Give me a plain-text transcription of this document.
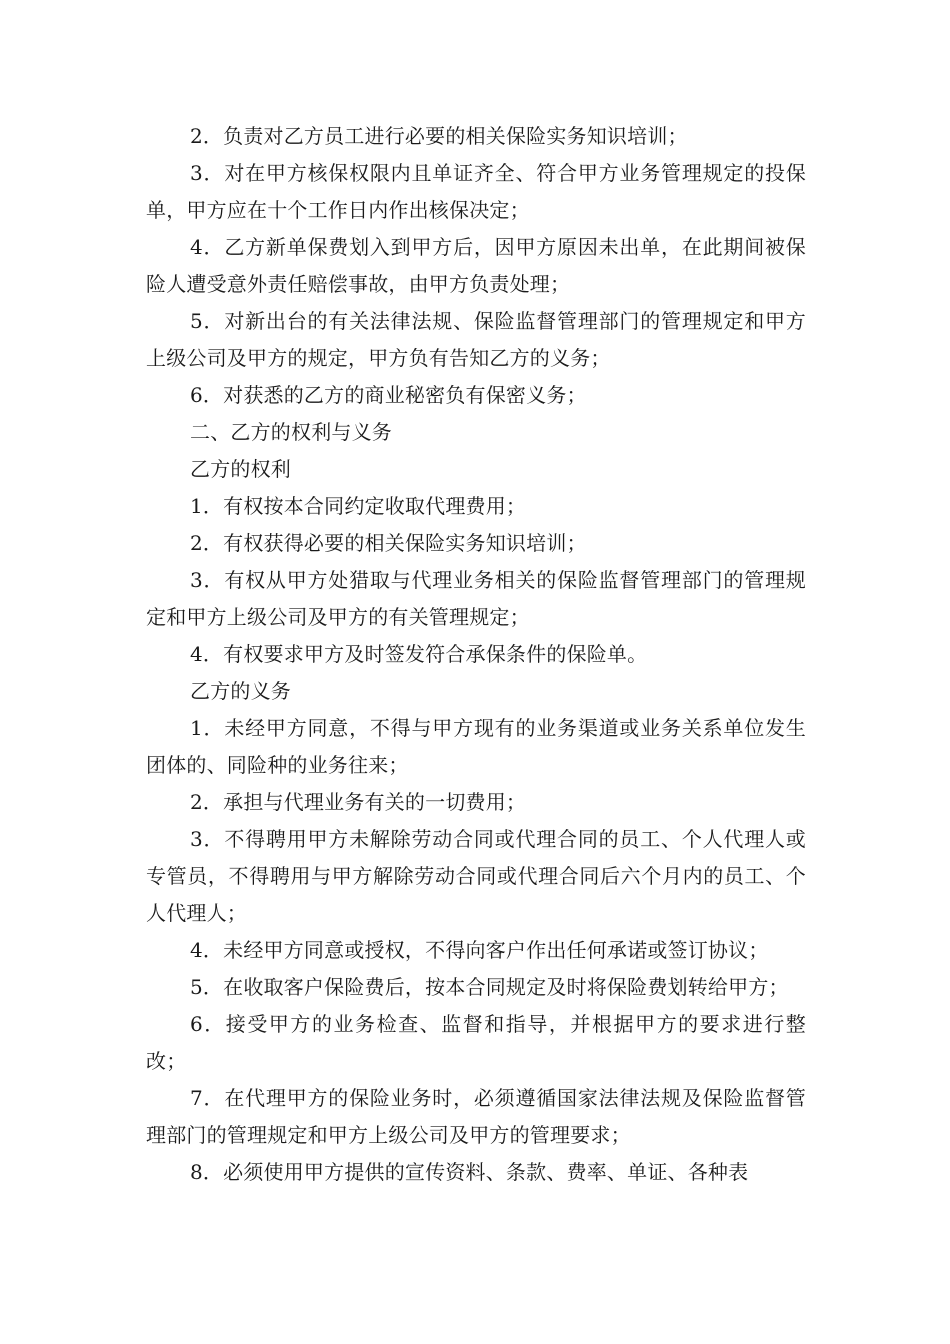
2．负责对乙方员工进行必要的相关保险实务知识培训；

3．对在甲方核保权限内且单证齐全、符合甲方业务管理规定的投保单，甲方应在十个工作日内作出核保决定；

4．乙方新单保费划入到甲方后，因甲方原因未出单，在此期间被保险人遭受意外责任赔偿事故，由甲方负责处理；

5．对新出台的有关法律法规、保险监督管理部门的管理规定和甲方上级公司及甲方的规定，甲方负有告知乙方的义务；

6．对获悉的乙方的商业秘密负有保密义务；

二、乙方的权利与义务

乙方的权利

1．有权按本合同约定收取代理费用；

2．有权获得必要的相关保险实务知识培训；

3．有权从甲方处猎取与代理业务相关的保险监督管理部门的管理规定和甲方上级公司及甲方的有关管理规定；

4．有权要求甲方及时签发符合承保条件的保险单。

乙方的义务

1．未经甲方同意，不得与甲方现有的业务渠道或业务关系单位发生团体的、同险种的业务往来；

2．承担与代理业务有关的一切费用；

3．不得聘用甲方未解除劳动合同或代理合同的员工、个人代理人或专管员，不得聘用与甲方解除劳动合同或代理合同后六个月内的员工、个人代理人；

4．未经甲方同意或授权，不得向客户作出任何承诺或签订协议；

5．在收取客户保险费后，按本合同规定及时将保险费划转给甲方；

6．接受甲方的业务检查、监督和指导，并根据甲方的要求进行整改；

7．在代理甲方的保险业务时，必须遵循国家法律法规及保险监督管理部门的管理规定和甲方上级公司及甲方的管理要求；

8．必须使用甲方提供的宣传资料、条款、费率、单证、各种表
